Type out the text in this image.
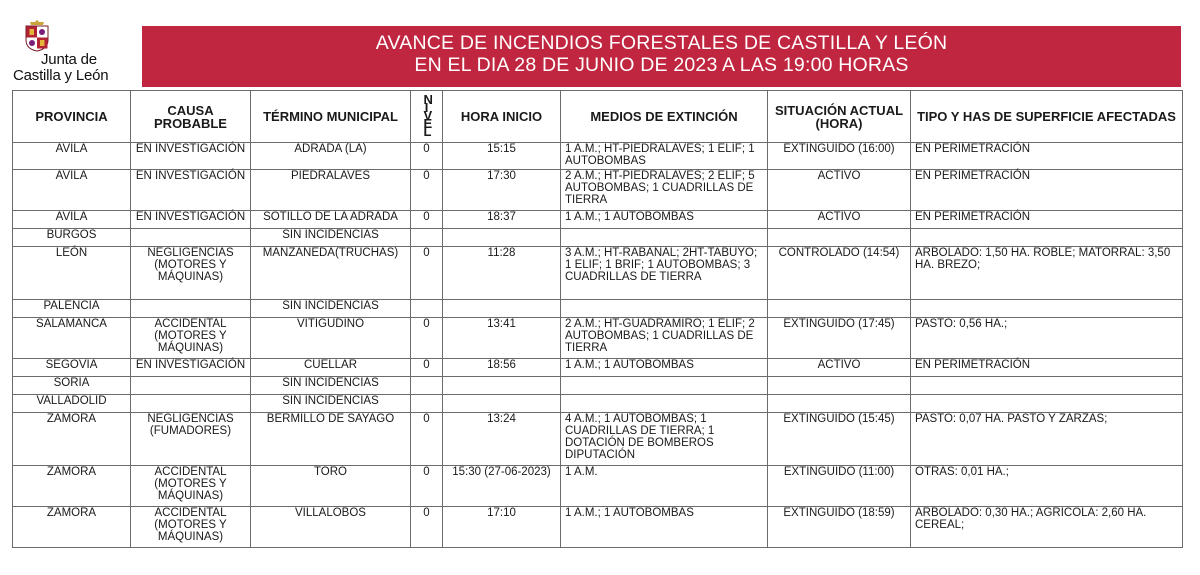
Junta de
Castilla y León
AVANCE DE INCENDIOS FORESTALES DE CASTILLA Y LEÓN
EN EL DIA 28 DE JUNIO DE 2023 A LAS 19:00 HORAS
PROVINCIA	CAUSA PROBABLE	TÉRMINO MUNICIPAL	NIVEL	HORA INICIO	MEDIOS DE EXTINCIÓN	SITUACIÓN ACTUAL (HORA)	TIPO Y HAS DE SUPERFICIE AFECTADAS
AVILA	EN INVESTIGACIÓN	ADRADA (LA)	0	15:15	1 A.M.; HT-PIEDRALAVES; 1 ELIF; 1 AUTOBOMBAS	EXTINGUIDO (16:00)	EN PERIMETRACIÓN
AVILA	EN INVESTIGACIÓN	PIEDRALAVES	0	17:30	2 A.M.; HT-PIEDRALAVES; 2 ELIF; 5 AUTOBOMBAS; 1 CUADRILLAS DE TIERRA	ACTIVO	EN PERIMETRACIÓN
AVILA	EN INVESTIGACIÓN	SOTILLO DE LA ADRADA	0	18:37	1 A.M.; 1 AUTOBOMBAS	ACTIVO	EN PERIMETRACIÓN
BURGOS		SIN INCIDENCIAS					
LEÓN	NEGLIGENCIAS (MOTORES Y MÁQUINAS)	MANZANEDA(TRUCHAS)	0	11:28	3 A.M.; HT-RABANAL; 2HT-TABUYO; 1 ELIF; 1 BRIF; 1 AUTOBOMBAS; 3 CUADRILLAS DE TIERRA	CONTROLADO (14:54)	ARBOLADO: 1,50 HA. ROBLE; MATORRAL: 3,50 HA. BREZO;
PALENCIA		SIN INCIDENCIAS					
SALAMANCA	ACCIDENTAL (MOTORES Y MÁQUINAS)	VITIGUDINO	0	13:41	2 A.M.; HT-GUADRAMIRO; 1 ELIF; 2 AUTOBOMBAS; 1 CUADRILLAS DE TIERRA	EXTINGUIDO (17:45)	PASTO: 0,56 HA.;
SEGOVIA	EN INVESTIGACIÓN	CUELLAR	0	18:56	1 A.M.; 1 AUTOBOMBAS	ACTIVO	EN PERIMETRACIÓN
SORIA		SIN INCIDENCIAS					
VALLADOLID		SIN INCIDENCIAS					
ZAMORA	NEGLIGENCIAS (FUMADORES)	BERMILLO DE SAYAGO	0	13:24	4 A.M.; 1 AUTOBOMBAS; 1 CUADRILLAS DE TIERRA; 1 DOTACIÓN DE BOMBEROS DIPUTACIÓN	EXTINGUIDO (15:45)	PASTO: 0,07 HA. PASTO Y ZARZAS;
ZAMORA	ACCIDENTAL (MOTORES Y MÁQUINAS)	TORO	0	15:30 (27-06-2023)	1 A.M.	EXTINGUIDO (11:00)	OTRAS: 0,01 HA.;
ZAMORA	ACCIDENTAL (MOTORES Y MÁQUINAS)	VILLALOBOS	0	17:10	1 A.M.; 1 AUTOBOMBAS	EXTINGUIDO (18:59)	ARBOLADO: 0,30 HA.; AGRICOLA: 2,60 HA. CEREAL;
